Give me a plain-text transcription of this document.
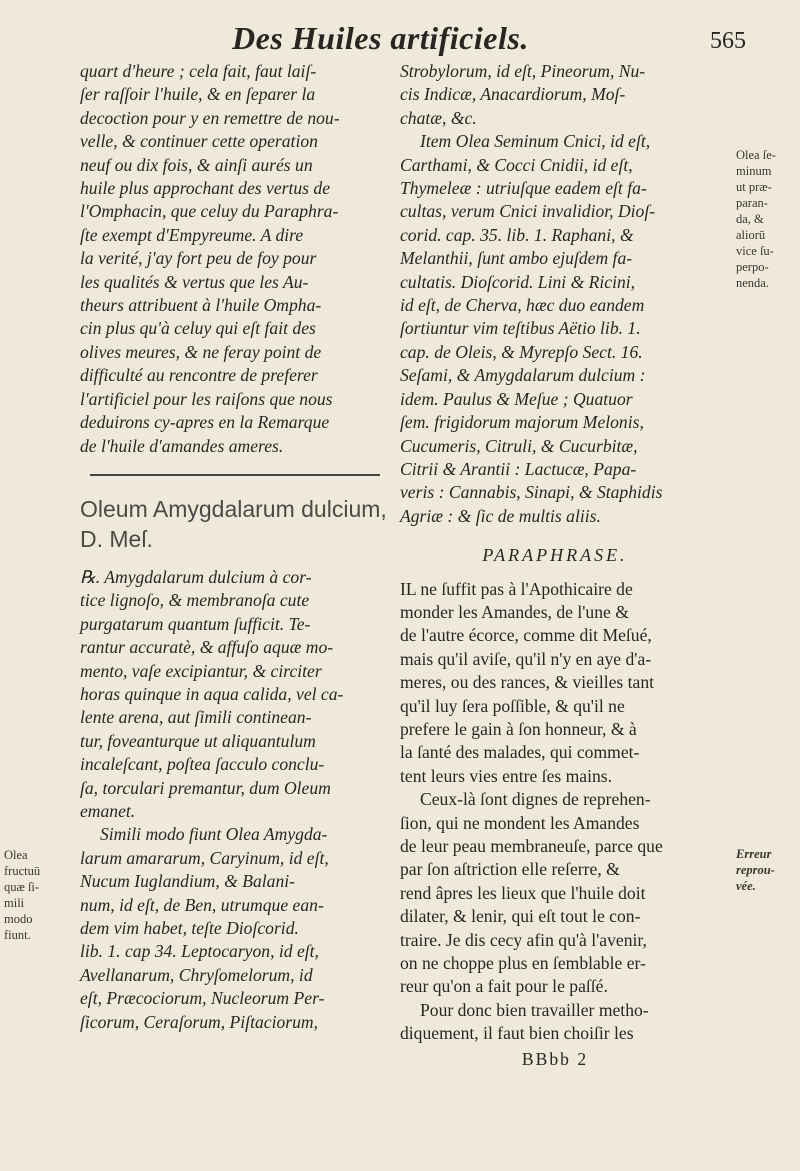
Des Huiles artificiels.	565

quart d'heure ; cela fait, faut laiſ-

ſer raſſoir l'huile, & en ſeparer la

decoction pour y en remettre de nou-

velle, & continuer cette operation

neuf ou dix fois, & ainſi aurés un

huile plus approchant des vertus de

l'Omphacin, que celuy du Paraphra-

ſte exempt d'Empyreume. A dire

la verité, j'ay fort peu de foy pour

les qualités & vertus que les Au-

theurs attribuent à l'huile Ompha-

cin plus qu'à celuy qui eſt fait des

olives meures, & ne feray point de

difficulté au rencontre de preferer

l'artificiel pour les raiſons que nous

deduirons cy-apres en la Remarque

de l'huile d'amandes ameres.

Oleum Amygdalarum dulcium, D. Meſ.

℞. Amygdalarum dulcium à cor-

tice lignoſo, & membranoſa cute

purgatarum quantum ſufficit. Te-

rantur accuratè, & affuſo aquæ mo-

mento, vaſe excipiantur, & circiter

horas quinque in aqua calida, vel ca-

lente arena, aut ſimili continean-

tur, foveanturque ut aliquantulum

incaleſcant, poſtea ſacculo conclu-

ſa, torculari premantur, dum Oleum

emanet.

Simili modo fiunt Olea Amygda-

larum amararum, Caryinum, id eſt,

Nucum Iuglandium, & Balani-

num, id eſt, de Ben, utrumque ean-

dem vim habet, teſte Dioſcorid.

lib. 1. cap 34. Leptocaryon, id eſt,

Avellanarum, Chryſomelorum, id

eſt, Præcociorum, Nucleorum Per-

ſicorum, Ceraſorum, Piſtaciorum,

Strobylorum, id eſt, Pineorum, Nu-

cis Indicæ, Anacardiorum, Moſ-

chatæ, &c.

Item Olea Seminum Cnici, id eſt,

Carthami, & Cocci Cnidii, id eſt,

Thymeleæ : utriuſque eadem eſt fa-

cultas, verum Cnici invalidior, Dioſ-

corid. cap. 35. lib. 1. Raphani, &

Melanthii, ſunt ambo ejuſdem fa-

cultatis. Dioſcorid. Lini & Ricini,

id eſt, de Cherva, hæc duo eandem

ſortiuntur vim teſtibus Aëtio lib. 1.

cap. de Oleis, & Myrepſo Sect. 16.

Seſami, & Amygdalarum dulcium :

idem. Paulus & Meſue ; Quatuor

ſem. frigidorum majorum Melonis,

Cucumeris, Citruli, & Cucurbitæ,

Citrii & Arantii : Lactucæ, Papa-

veris : Cannabis, Sinapi, & Staphidis

Agriæ : & ſic de multis aliis.

PARAPHRASE.

IL ne ſuffit pas à l'Apothicaire de

monder les Amandes, de l'une &

de l'autre écorce, comme dit Meſué,

mais qu'il aviſe, qu'il n'y en aye d'a-

meres, ou des rances, & vieilles tant

qu'il luy ſera poſſible, & qu'il ne

prefere le gain à ſon honneur, & à

la ſanté des malades, qui commet-

tent leurs vies entre ſes mains.

Ceux-là ſont dignes de reprehen-

ſion, qui ne mondent les Amandes

de leur peau membraneuſe, parce que

par ſon aſtriction elle reſerre, &

rend âpres les lieux que l'huile doit

dilater, & lenir, qui eſt tout le con-

traire. Je dis cecy afin qu'à l'avenir,

on ne choppe plus en ſemblable er-

reur qu'on a fait pour le paſſé.

Pour donc bien travailler metho-

diquement, il faut bien choiſir les

BBbb 2
Olea ſe-
minum
ut præ-
paran-
da, &
aliorū
vice ſu-
perpo-
nenda.
Erreur
reprou-
vée.
Olea
fructuū
quæ ſi-
mili
modo
fiunt.
